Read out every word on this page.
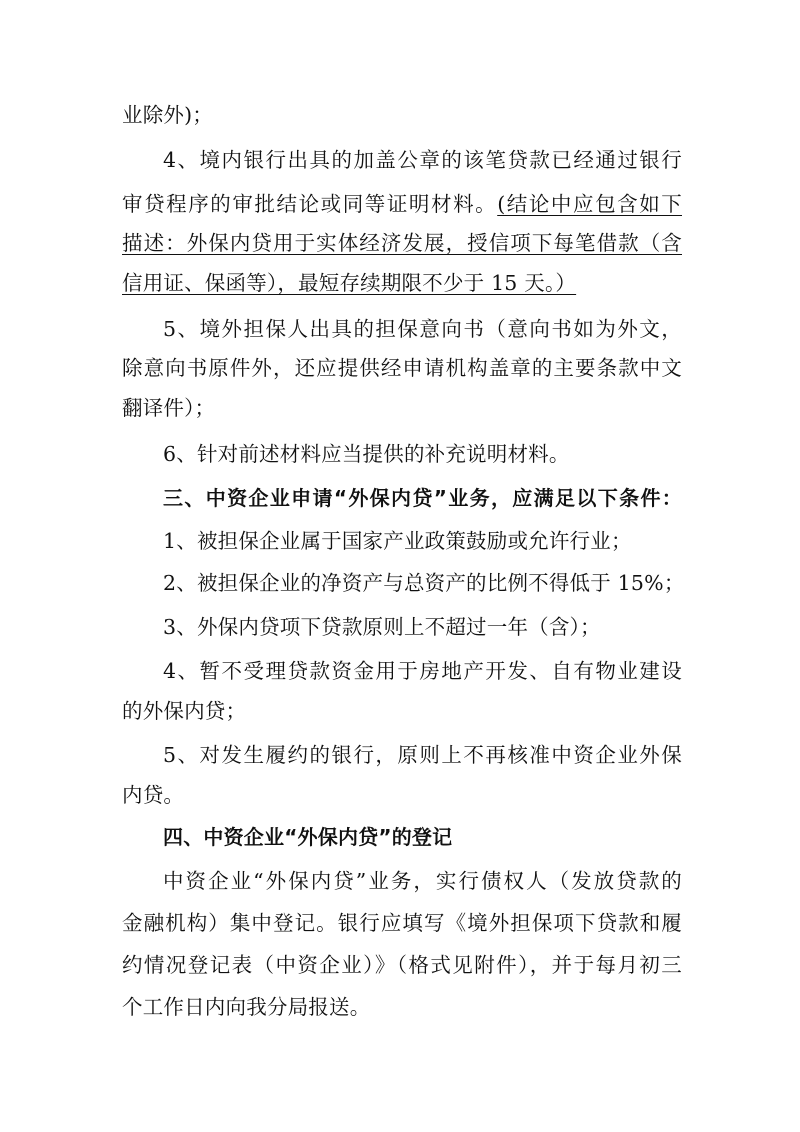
业除外)；
4、境内银行出具的加盖公章的该笔贷款已经通过银行
审贷程序的审批结论或同等证明材料。(结论中应包含如下
描述：外保内贷用于实体经济发展，授信项下每笔借款（含
信用证、保函等），最短存续期限不少于 15 天。）
5、境外担保人出具的担保意向书（意向书如为外文，
除意向书原件外，还应提供经申请机构盖章的主要条款中文
翻译件）；
6、针对前述材料应当提供的补充说明材料。
三、中资企业申请“外保内贷”业务，应满足以下条件：
1、被担保企业属于国家产业政策鼓励或允许行业；
2、被担保企业的净资产与总资产的比例不得低于 15%；
3、外保内贷项下贷款原则上不超过一年（含）；
4、暂不受理贷款资金用于房地产开发、自有物业建设
的外保内贷；
5、对发生履约的银行，原则上不再核准中资企业外保
内贷。
四、中资企业“外保内贷”的登记
中资企业“外保内贷”业务，实行债权人（发放贷款的
金融机构）集中登记。银行应填写《境外担保项下贷款和履
约情况登记表（中资企业）》（格式见附件），并于每月初三
个工作日内向我分局报送。
